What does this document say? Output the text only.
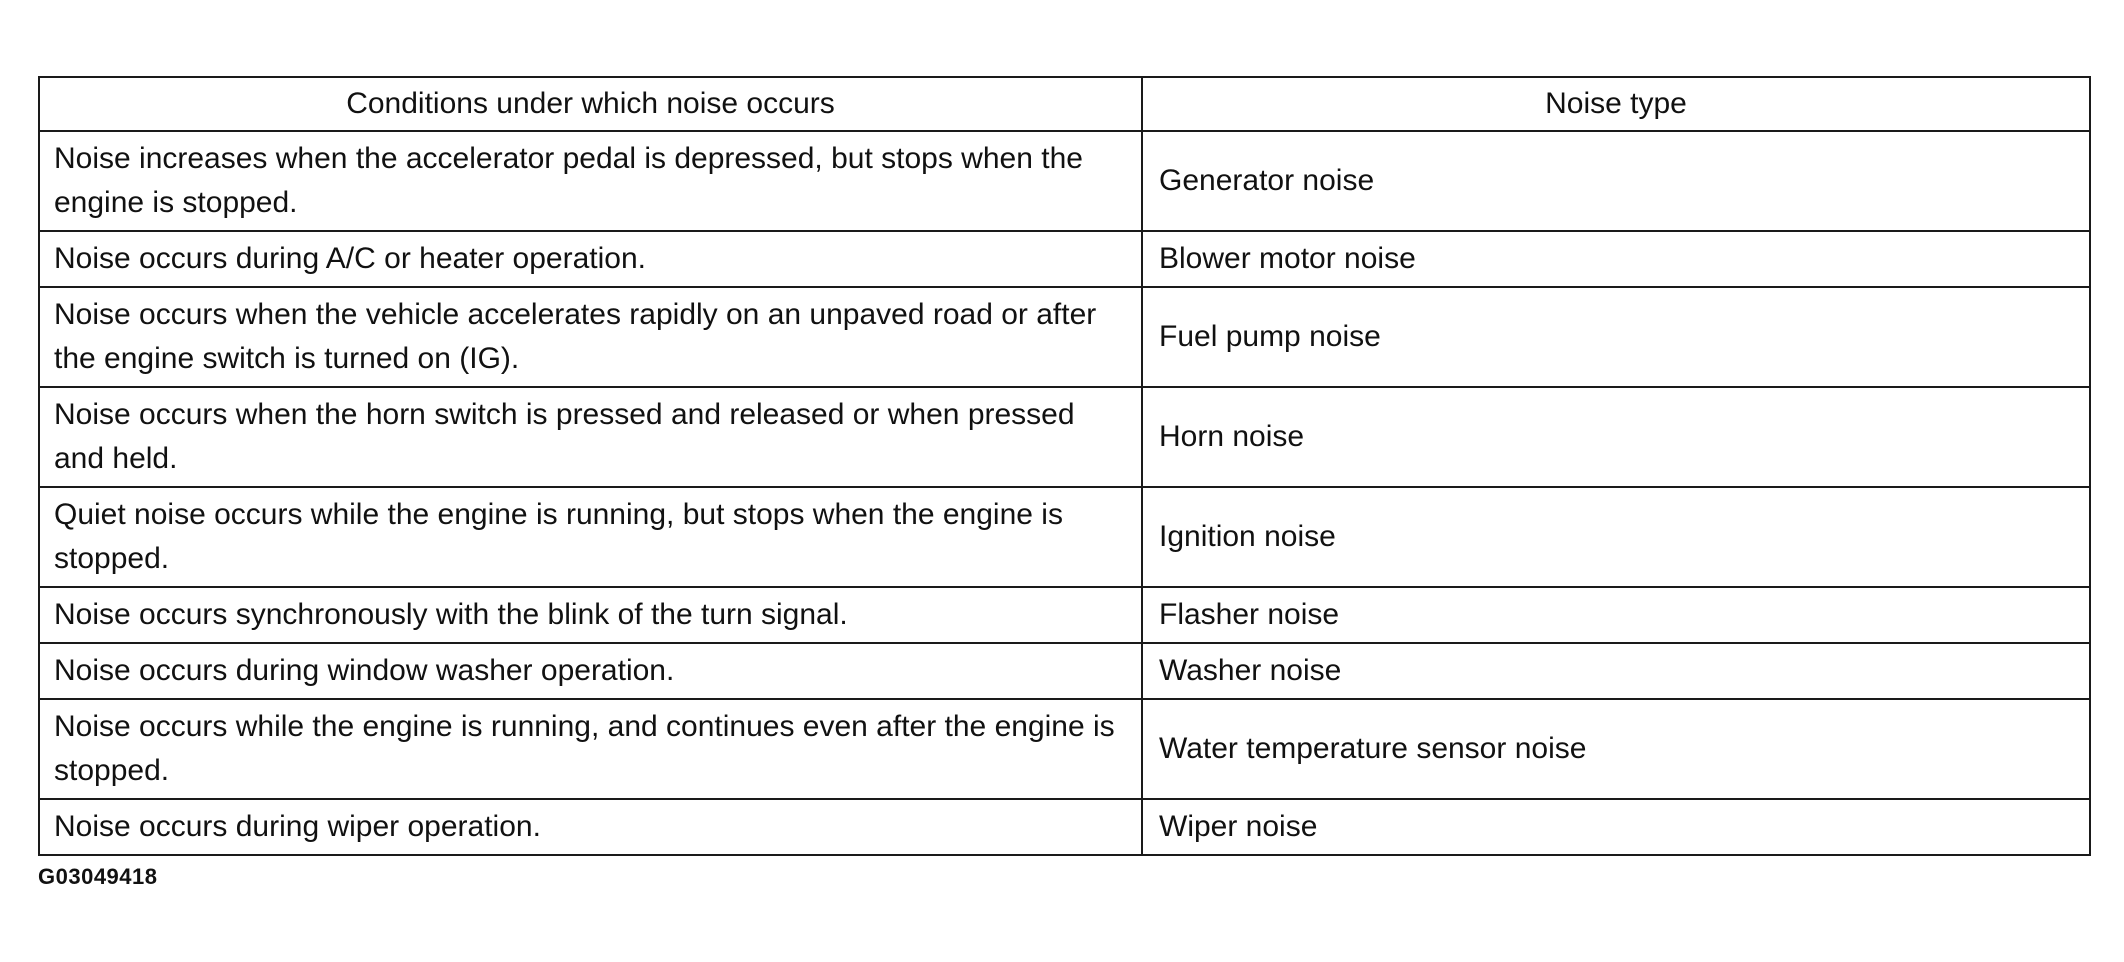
Conditions under which noise occurs	Noise type
Noise increases when the accelerator pedal is depressed, but stops when the engine is stopped.	Generator noise
Noise occurs during A/C or heater operation.	Blower motor noise
Noise occurs when the vehicle accelerates rapidly on an unpaved road or after the engine switch is turned on (IG).	Fuel pump noise
Noise occurs when the horn switch is pressed and released or when pressed and held.	Horn noise
Quiet noise occurs while the engine is running, but stops when the engine is stopped.	Ignition noise
Noise occurs synchronously with the blink of the turn signal.	Flasher noise
Noise occurs during window washer operation.	Washer noise
Noise occurs while the engine is running, and continues even after the engine is stopped.	Water temperature sensor noise
Noise occurs during wiper operation.	Wiper noise
G03049418
